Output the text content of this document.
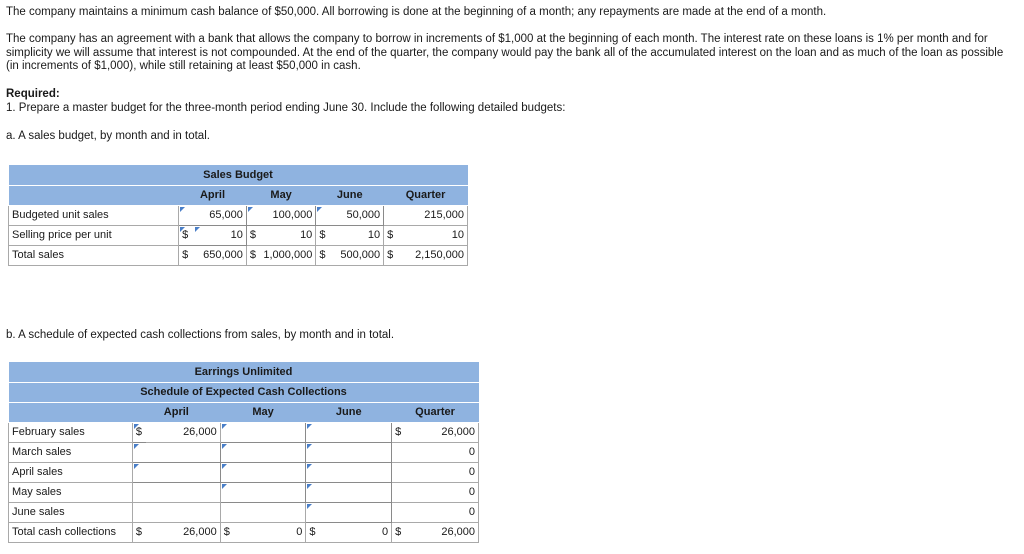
The company maintains a minimum cash balance of $50,000. All borrowing is done at the beginning of a month; any repayments are made at the end of a month.

The company has an agreement with a bank that allows the company to borrow in increments of $1,000 at the beginning of each month. The interest rate on these loans is 1% per month and for simplicity we will assume that interest is not compounded. At the end of the quarter, the company would pay the bank all of the accumulated interest on the loan and as much of the loan as possible (in increments of $1,000), while still retaining at least $50,000 in cash.

Required:

1. Prepare a master budget for the three-month period ending June 30. Include the following detailed budgets:

a. A sales budget, by month and in total.

Sales Budget								
	April		May		June		Quarter	
Budgeted unit sales	65,000		100,000		50,000		215,000	
Selling price per unit	$	10	$	10	$	10	$	10
Total sales	$	650,000	$	1,000,000	$	500,000	$	2,150,000

b. A schedule of expected cash collections from sales, by month and in total.

Earrings Unlimited								
Schedule of Expected Cash Collections								
	April		May		June		Quarter	
February sales	$	26,000					$	26,000
March sales							0	
April sales							0	
May sales							0	
June sales							0	
Total cash collections	$	26,000	$	0	$	0	$	26,000
